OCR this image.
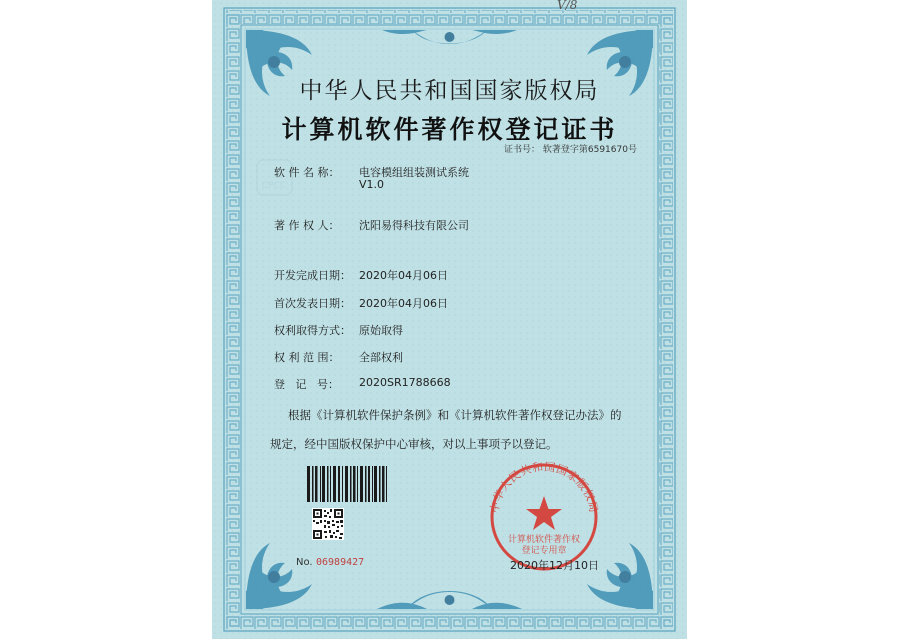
CPCC
中华人民共和国国家版权局
计算机软件著作权
登记专用章
V/8
中华人民共和国国家版权局
计算机软件著作权登记证书
证书号： 软著登字第6591670号
软 件 名 称： 电容模组组装测试系统
V1.0
著 作 权 人： 沈阳易得科技有限公司
开发完成日期： 2020年04月06日
首次发表日期： 2020年04月06日
权利取得方式： 原始取得
权 利 范 围： 全部权利
登   记   号： 2020SR1788668
根据《计算机软件保护条例》和《计算机软件著作权登记办法》的
规定，经中国版权保护中心审核，对以上事项予以登记。
No. 06989427	2020年12月10日
